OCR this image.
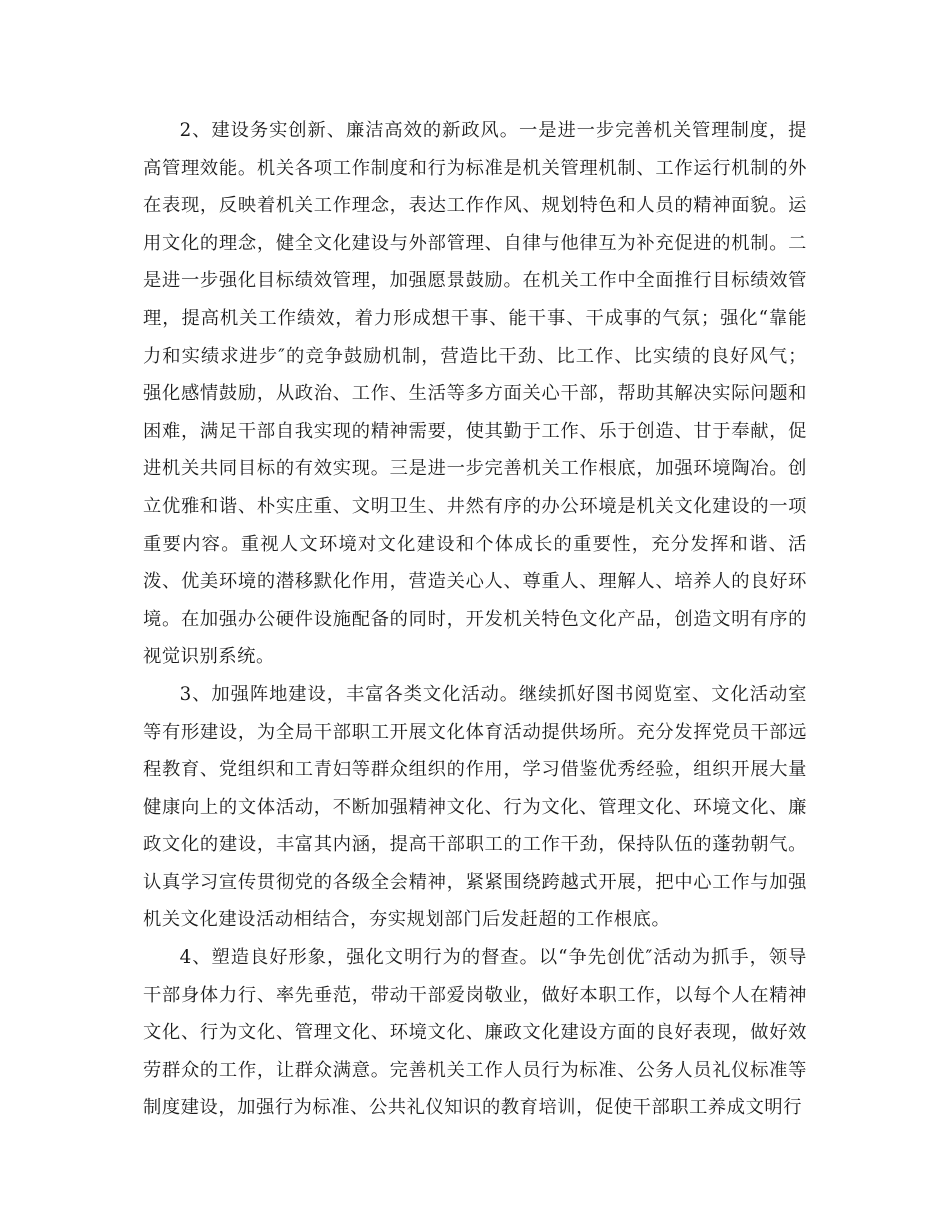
2、建设务实创新、廉洁高效的新政风。一是进一步完善机关管理制度，提高管理效能。机关各项工作制度和行为标准是机关管理机制、工作运行机制的外在表现，反映着机关工作理念，表达工作作风、规划特色和人员的精神面貌。运用文化的理念，健全文化建设与外部管理、自律与他律互为补充促进的机制。二是进一步强化目标绩效管理，加强愿景鼓励。在机关工作中全面推行目标绩效管理，提高机关工作绩效，着力形成想干事、能干事、干成事的气氛；强化“靠能力和实绩求进步″的竞争鼓励机制，营造比干劲、比工作、比实绩的良好风气；强化感情鼓励，从政治、工作、生活等多方面关心干部，帮助其解决实际问题和困难，满足干部自我实现的精神需要，使其勤于工作、乐于创造、甘于奉献，促进机关共同目标的有效实现。三是进一步完善机关工作根底，加强环境陶冶。创立优雅和谐、朴实庄重、文明卫生、井然有序的办公环境是机关文化建设的一项重要内容。重视人文环境对文化建设和个体成长的重要性，充分发挥和谐、活泼、优美环境的潜移默化作用，营造关心人、尊重人、理解人、培养人的良好环境。在加强办公硬件设施配备的同时，开发机关特色文化产品，创造文明有序的视觉识别系统。

3、加强阵地建设，丰富各类文化活动。继续抓好图书阅览室、文化活动室等有形建设，为全局干部职工开展文化体育活动提供场所。充分发挥党员干部远程教育、党组织和工青妇等群众组织的作用，学习借鉴优秀经验，组织开展大量健康向上的文体活动，不断加强精神文化、行为文化、管理文化、环境文化、廉政文化的建设，丰富其内涵，提高干部职工的工作干劲，保持队伍的蓬勃朝气。认真学习宣传贯彻党的各级全会精神，紧紧围绕跨越式开展，把中心工作与加强机关文化建设活动相结合，夯实规划部门后发赶超的工作根底。

4、塑造良好形象，强化文明行为的督查。以“争先创优″活动为抓手，领导干部身体力行、率先垂范，带动干部爱岗敬业，做好本职工作，以每个人在精神文化、行为文化、管理文化、环境文化、廉政文化建设方面的良好表现，做好效劳群众的工作，让群众满意。完善机关工作人员行为标准、公务人员礼仪标准等制度建设，加强行为标准、公共礼仪知识的教育培训，促使干部职工养成文明行
